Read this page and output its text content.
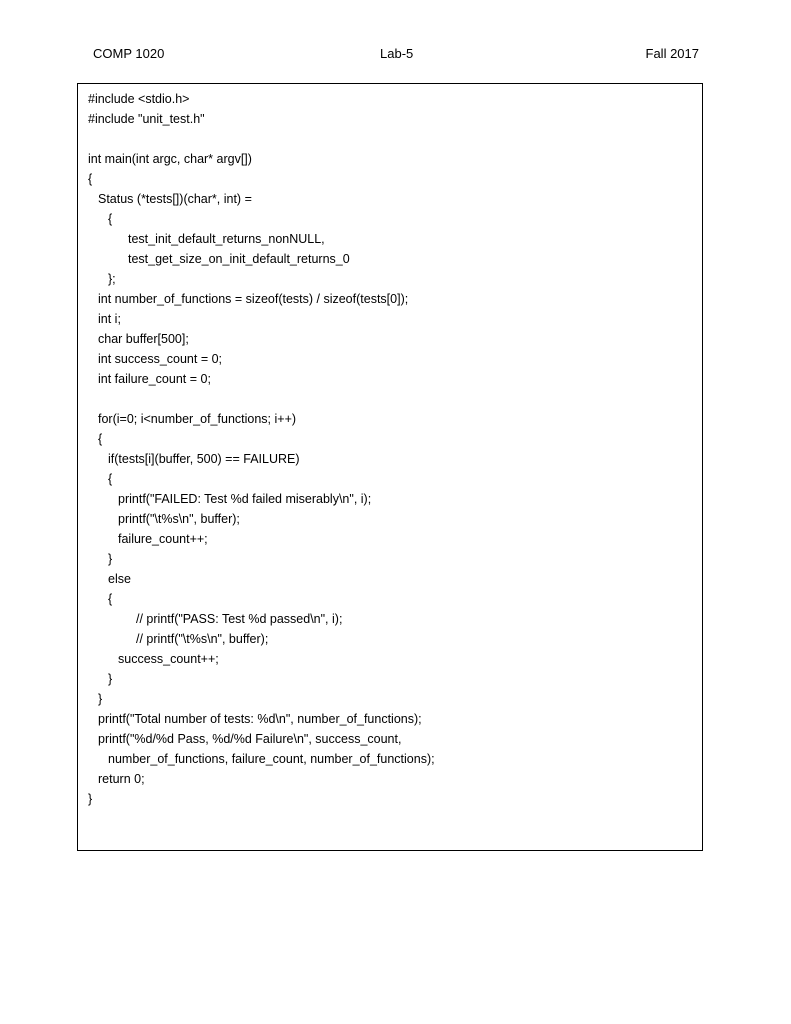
COMP 1020	Lab-5	Fall 2017
#include <stdio.h>
#include "unit_test.h"
int main(int argc, char* argv[])
{
Status (*tests[])(char*, int) =
{
test_init_default_returns_nonNULL,
test_get_size_on_init_default_returns_0
};
int number_of_functions = sizeof(tests) / sizeof(tests[0]);
int i;
char buffer[500];
int success_count = 0;
int failure_count = 0;
for(i=0; i<number_of_functions; i++)
{
if(tests[i](buffer, 500) == FAILURE)
{
printf("FAILED: Test %d failed miserably\n", i);
printf("\t%s\n", buffer);
failure_count++;
}
else
{
// printf("PASS: Test %d passed\n", i);
// printf("\t%s\n", buffer);
success_count++;
}
}
printf("Total number of tests: %d\n", number_of_functions);
printf("%d/%d Pass, %d/%d Failure\n", success_count,
number_of_functions, failure_count, number_of_functions);
return 0;
}
